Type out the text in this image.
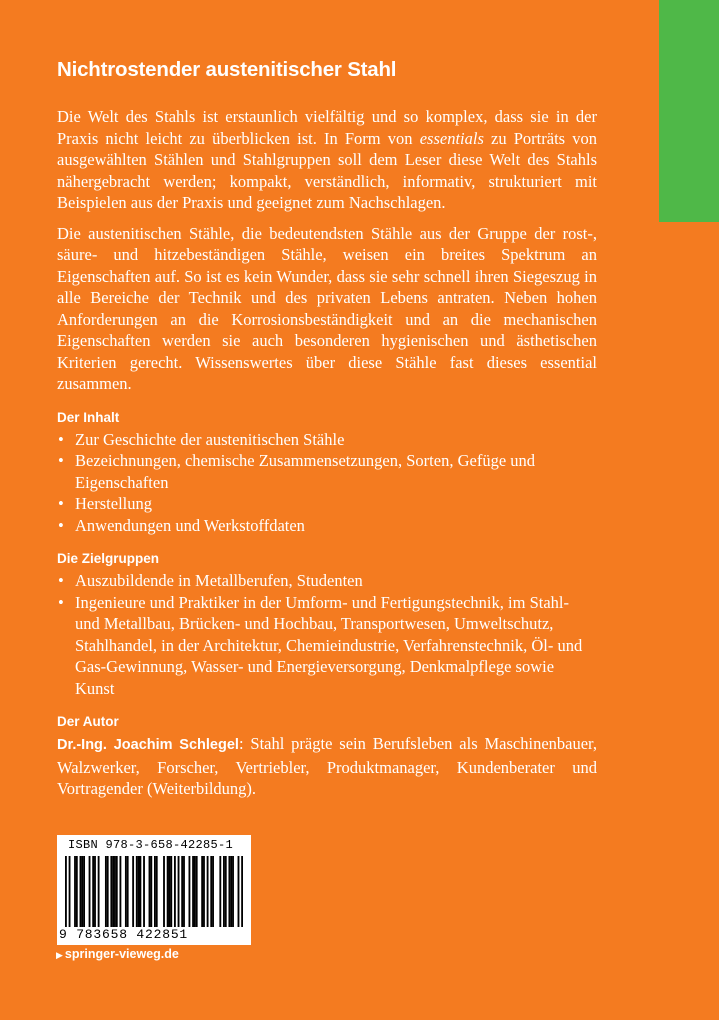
Nichtrostender austenitischer Stahl

Die Welt des Stahls ist erstaunlich vielfältig und so komplex, dass sie in der Praxis nicht leicht zu überblicken ist. In Form von essentials zu Porträts von ausgewählten Stählen und Stahlgruppen soll dem Leser diese Welt des Stahls nähergebracht werden; kompakt, verständlich, informativ, strukturiert mit Beispielen aus der Praxis und geeignet zum Nachschlagen.

Die austenitischen Stähle, die bedeutendsten Stähle aus der Gruppe der rost-, säure- und hitzebeständigen Stähle, weisen ein breites Spektrum an Eigenschaften auf. So ist es kein Wunder, dass sie sehr schnell ihren Siegeszug in alle Bereiche der Technik und des privaten Lebens antraten. Neben hohen Anforderungen an die Korrosionsbeständigkeit und an die mechanischen Eigenschaften werden sie auch besonderen hygienischen und ästhetischen Kriterien gerecht. Wissenswertes über diese Stähle fast dieses essential zusammen.

Der Inhalt
• Zur Geschichte der austenitischen Stähle
• Bezeichnungen, chemische Zusammensetzungen, Sorten, Gefüge und Eigenschaften
• Herstellung
• Anwendungen und Werkstoffdaten
Die Zielgruppen
• Auszubildende in Metallberufen, Studenten
• Ingenieure und Praktiker in der Umform- und Fertigungstechnik, im Stahl- und Metallbau, Brücken- und Hochbau, Transportwesen, Umweltschutz, Stahlhandel, in der Architektur, Chemieindustrie, Verfahrenstechnik, Öl- und Gas-Gewinnung, Wasser- und Energieversorgung, Denkmalpflege sowie Kunst
Der Autor

Dr.-Ing. Joachim Schlegel: Stahl prägte sein Berufsleben als Maschinenbauer, Walzwerker, Forscher, Vertriebler, Produktmanager, Kundenberater und Vortragender (Weiterbildung).

ISBN 978-3-658-42285-1
9 783658 422851
▶ springer-vieweg.de
